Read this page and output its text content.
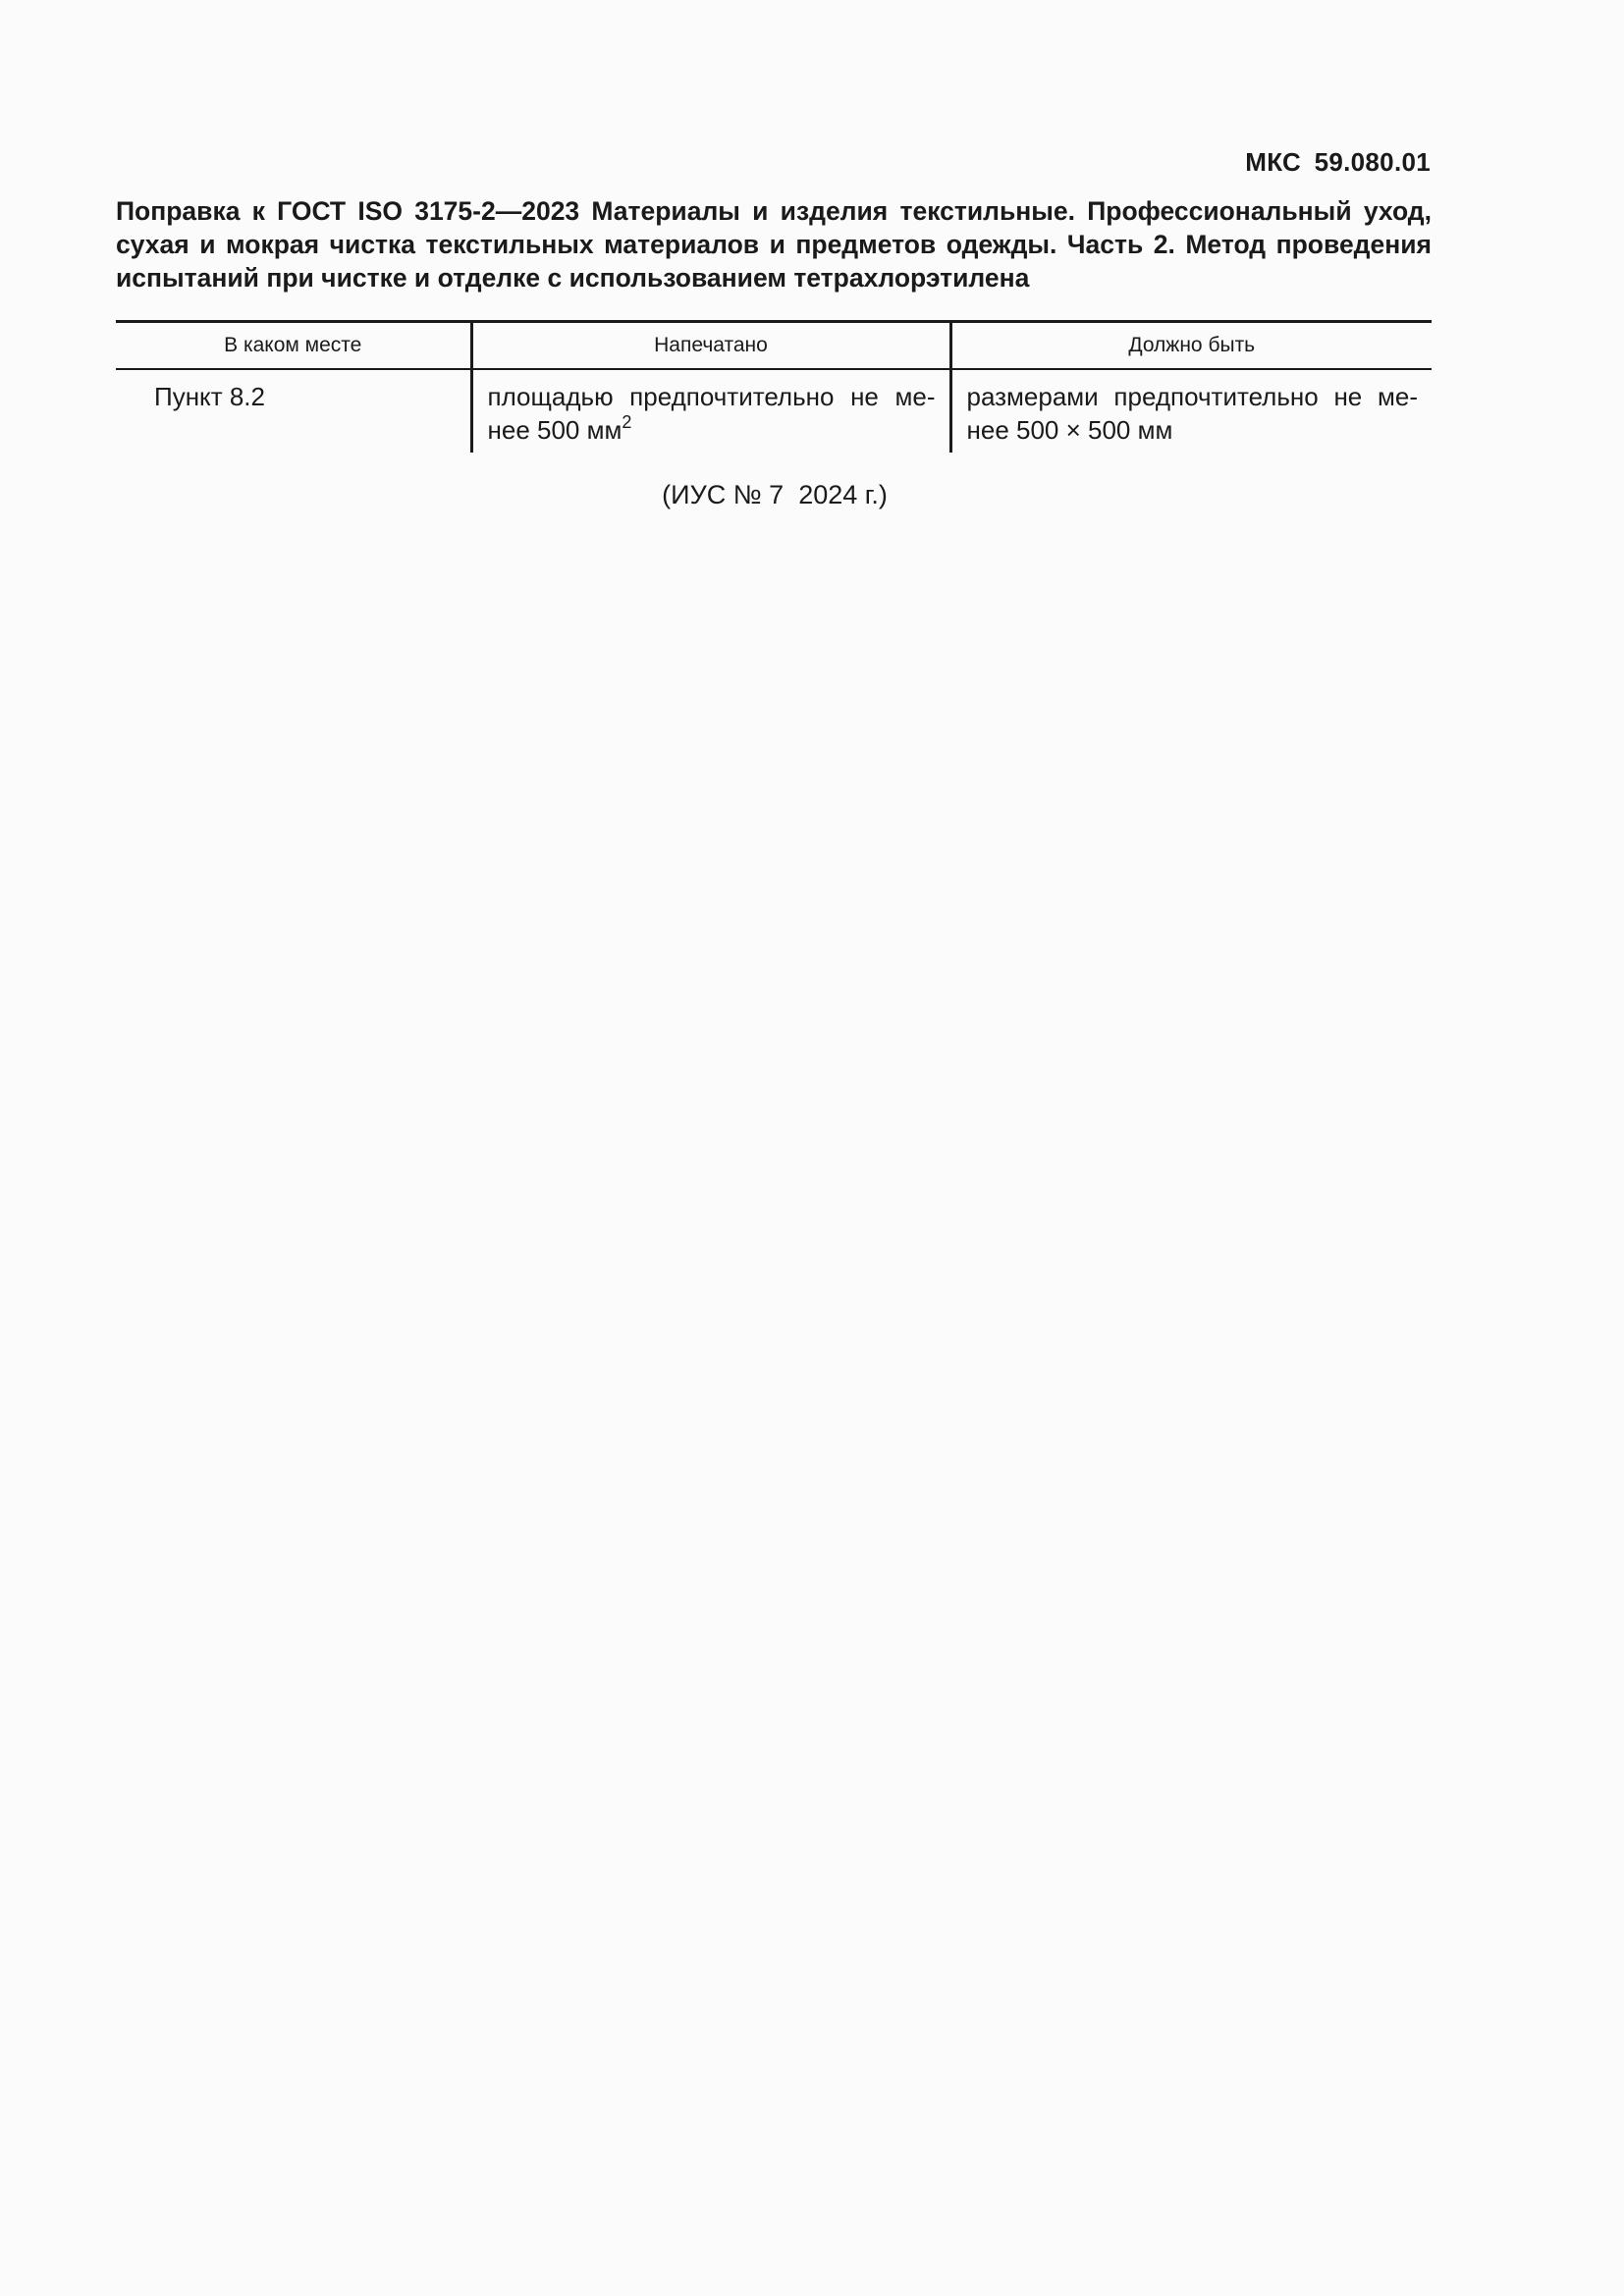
МКС 59.080.01
Поправка к ГОСТ ISO 3175-2—2023 Материалы и изделия текстильные. Профессиональный уход, сухая и мокрая чистка текстильных материалов и предметов одежды. Часть 2. Метод проведения испытаний при чистке и отделке с использованием тетрахлорэтилена
В каком месте	Напечатано	Должно быть
Пункт 8.2	площадью предпочтительно не менее 500 $мм^2$	размерами предпочтительно не менее 500 × 500 мм
(ИУС № 7  2024 г.)
